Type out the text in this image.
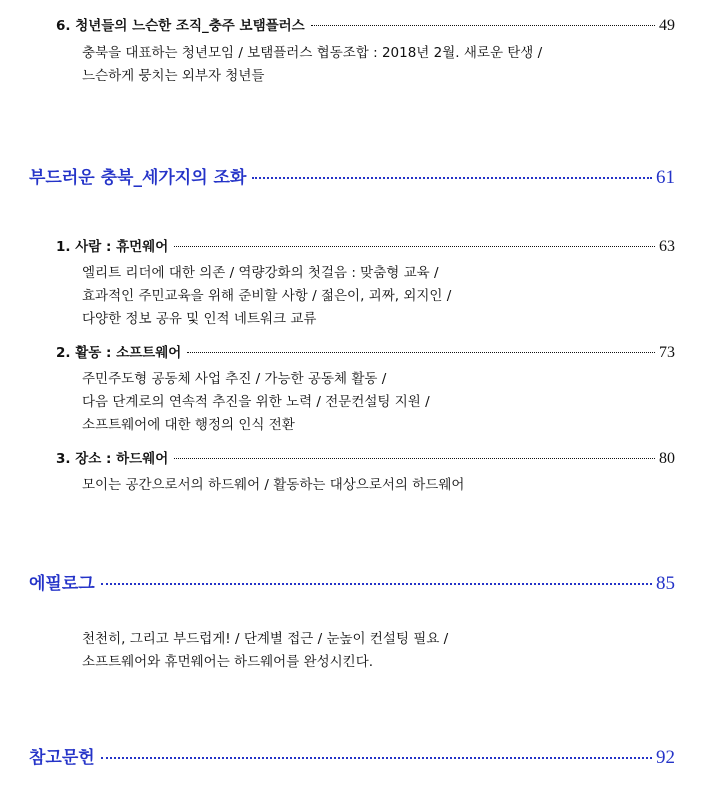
6. 청년들의 느슨한 조직_충주 보탬플러스	49
충북을 대표하는 청년모임 / 보탬플러스 협동조합 : 2018년 2월. 새로운 탄생 /
느슨하게 뭉치는 외부자 청년들
부드러운 충북_세가지의 조화	61
1. 사람 : 휴먼웨어	63
엘리트 리더에 대한 의존 / 역량강화의 첫걸음 : 맞춤형 교육 /
효과적인 주민교육을 위해 준비할 사항 / 젊은이, 괴짜, 외지인 /
다양한 정보 공유 및 인적 네트워크 교류
2. 활동 : 소프트웨어	73
주민주도형 공동체 사업 추진 / 가능한 공동체 활동 /
다음 단계로의 연속적 추진을 위한 노력 / 전문컨설팅 지원 /
소프트웨어에 대한 행정의 인식 전환
3. 장소 : 하드웨어	80
모이는 공간으로서의 하드웨어 / 활동하는 대상으로서의 하드웨어
에필로그	85
천천히, 그리고 부드럽게! / 단계별 접근 / 눈높이 컨설팅 필요 /
소프트웨어와 휴먼웨어는 하드웨어를 완성시킨다.
참고문헌	92
